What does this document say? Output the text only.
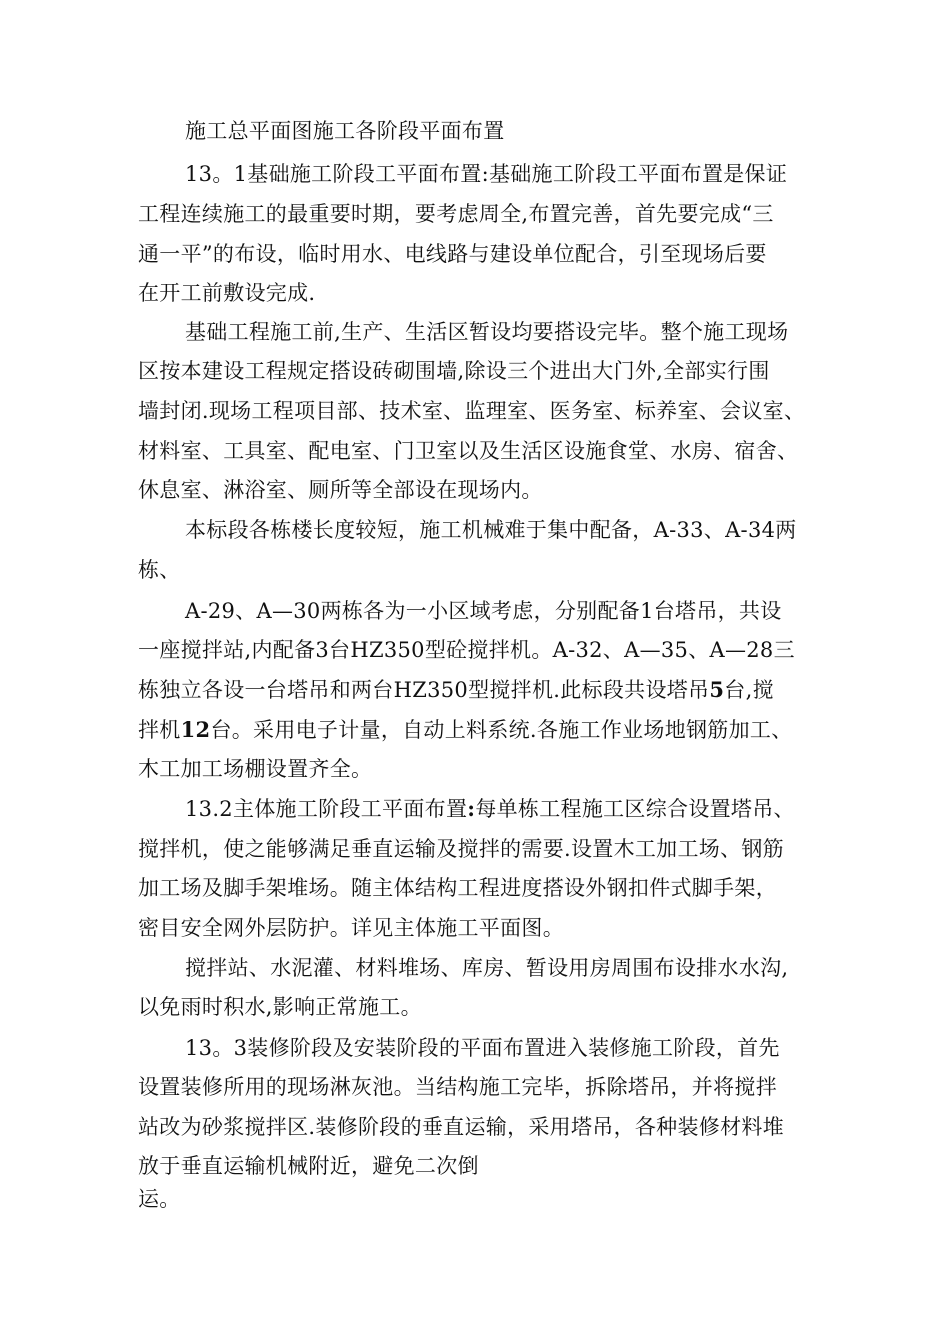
施工总平面图施工各阶段平面布置
13。1基础施工阶段工平面布置:基础施工阶段工平面布置是保证
工程连续施工的最重要时期，要考虑周全,布置完善，首先要完成“三
通一平”的布设，临时用水、电线路与建设单位配合，引至现场后要
在开工前敷设完成.
基础工程施工前,生产、生活区暂设均要搭设完毕。整个施工现场
区按本建设工程规定搭设砖砌围墙,除设三个进出大门外,全部实行围
墙封闭.现场工程项目部、技术室、监理室、医务室、标养室、会议室、
材料室、工具室、配电室、门卫室以及生活区设施食堂、水房、宿舍、
休息室、淋浴室、厕所等全部设在现场内。
本标段各栋楼长度较短，施工机械难于集中配备，A-33、A-34两
栋、
A-29、A—30两栋各为一小区域考虑，分别配备1台塔吊，共设
一座搅拌站,内配备3台HZ350型砼搅拌机。A-32、A—35、A—28三
栋独立各设一台塔吊和两台HZ350型搅拌机.此标段共设塔吊5台,搅
拌机12台。采用电子计量，自动上料系统.各施工作业场地钢筋加工、
木工加工场棚设置齐全。
13.2主体施工阶段工平面布置:每单栋工程施工区综合设置塔吊、
搅拌机，使之能够满足垂直运输及搅拌的需要.设置木工加工场、钢筋
加工场及脚手架堆场。随主体结构工程进度搭设外钢扣件式脚手架，
密目安全网外层防护。详见主体施工平面图。
搅拌站、水泥灌、材料堆场、库房、暂设用房周围布设排水水沟,
以免雨时积水,影响正常施工。
13。3装修阶段及安装阶段的平面布置进入装修施工阶段，首先
设置装修所用的现场淋灰池。当结构施工完毕，拆除塔吊，并将搅拌
站改为砂浆搅拌区.装修阶段的垂直运输，采用塔吊，各种装修材料堆
放于垂直运输机械附近，避免二次倒
运。
